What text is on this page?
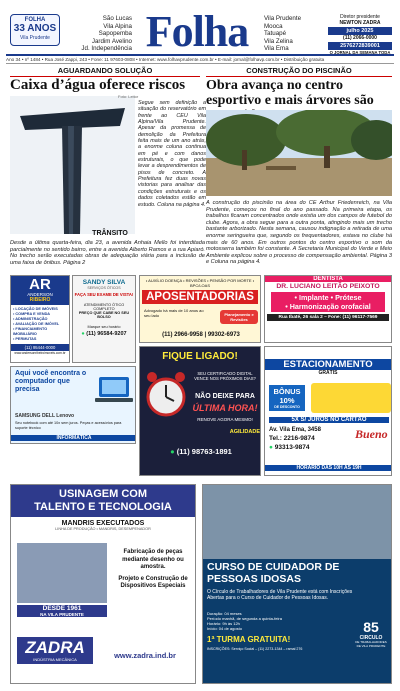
FOLHA
33 ANOS
Vila Prudente
São Lucas
Vila Alpina
Sapopemba
Jardim Avelino
Jd. Independência Folha	Vila Prudente
Mooca
Tatuapé
Vila Zelina
Vila Ema
Diretor presidente
NEWTON ZADRA
julho 2025
(11) 2066-0000
2576272839001
O JORNAL DA SEMANA TODA
Ano 34 • nº 1484 • Rua José Zappi, 243 • Fone: 11 97603-0808 • Internet: www.folhavprudente.com.br • E-mail: jornal@folhavp.com.br • Distribuição gratuita
AGUARDANDO SOLUÇÃO
Caixa d’água oferece riscos
Foto: Leitor
Segue sem definição a situação do reservatório em frente ao CEU Vila Alpina/Vila Prudente. Apesar da promessa de demolição da Prefeitura feita mais de um ano atrás, a enorme coluna continua em pé e com danos estruturais, o que pode levar a desprendimentos de pisos de concreto. A Prefeitura fez duas novas vistorias para analisar das condições estruturais e os dados coletados estão em estudo. Coluna na página 4.
TRÂNSITO
Desde a última quarta-feira, dia 23, a avenida Anhaia Mello foi interditada parcialmente no sentido bairro, entre a avenida Alberto Ramos e a rua Apiaró. No trecho serão executadas obras de adequação viária para a inclusão de uma faixa de ônibus. Página 2
CONSTRUÇÃO DO PISCINÃO
Obra avança no centro esportivo e mais árvores são
A construção do piscinão na área do CE Arthur Friedenreich, na Vila Prudente, começou no final do ano passado. Na primeira etapa, os trabalhos ficaram concentrados onde existia um dos campos de futebol do clube. Agora, a obra segue para a outra ponta, atingindo mais um trecho bastante arborizado. Nesta semana, causou indignação a retirada de uma enorme seringueira que, segundo os frequentadores, estava no clube há mais de 60 anos. Em outros pontos do centro esportivo o som da motosserra também foi constante. A Secretaria Municipal do Verde e Meio Ambiente explicou sobre o processo de compensação ambiental. Página 3 e Coluna na página 4.
AR
ANDERSON
RIBEIRO
• LOCAÇÃO DE IMÓVEIS
• COMPRA E VENDA
• ADMINISTRAÇÃO
• AVALIAÇÃO DE IMÓVEL
• FINANCIAMENTO IMOBILIÁRIO
• PERMUTAS
(11) 95444-0000
www.andersonribeiroimoveis.com.br
SANDY SILVA
SERVIÇOS ÓTICOS
FAÇA SEU EXAME DE VISTA!
ATENDIMENTO ÓTICO COMPLETO
PREÇO QUE CABE NO SEU BOLSO
Marque seu horário
● (11) 96584-9207
• AUXÍLIO DOENÇA • REVISÕES • PENSÃO POR MORTE • BPC/LOAS
APOSENTADORIAS
Advogado há mais de 10 anos ao seu lado	Planejamento e Revisões
(11) 2966-9958 | 99302-6973
DENTISTA
DR. LUCIANO LEITÃO PEIXOTO
• Implante • Prótese
• Harmonização orofacial
Rua Ibaté, 26 sala 2 – Fone: (11) 96117-7569
Aqui você encontra o computador que precisa
SAMSUNG DELL Lenovo
Seu notebook com até 10x sem juros. Peças e acessórios para suporte técnico
INFORMÁTICA
FIQUE LIGADO!
SEU CERTIFICADO DIGITAL VENCE NOS PRÓXIMOS DIAS?
NÃO DEIXE PARA
ÚLTIMA HORA!
RENOVE AGORA MESMO!
● (11) 98763-1891
AGILIDADE
ESTACIONAMENTO
GRÁTIS
BÔNUS 10%
DE DESCONTO
5X S/ JUROS NO CARTÃO
Av. Vila Ema, 3458
Tel.: 2216-9874
● 93313-9874
Bueno
HORÁRIO DAS 10H ÀS 19H
USINAGEM COM
TALENTO E TECNOLOGIA
MANDRIS EXECUTADOS
LINHA DE PRODUÇÃO • MANDRIS, DESEMPENADOR
DESDE 1961
NA VILA PRUDENTE
Fabricação de peças mediante desenho ou amostra.
Projeto e Construção de Dispositivos Especiais
ZADRA
INDÚSTRIA MECÂNICA	www.zadra.ind.br
CURSO DE CUIDADOR DE PESSOAS IDOSAS
O Círculo de Trabalhadores de Vila Prudente está com Inscrições Abertas para o Curso de Cuidador de Pessoas Idosas.
Duração: 04 meses
Período manhã, de segunda a quinta-feira
Horário: 9h às 12h
Início: 04 de agosto
1ª TURMA GRATUITA!
INSCRIÇÕES: Serviço Social – (11) 2273-1344 – ramal 276
85
CIRCULO
DE TRABALHADORES DE VILA PRUDENTE
